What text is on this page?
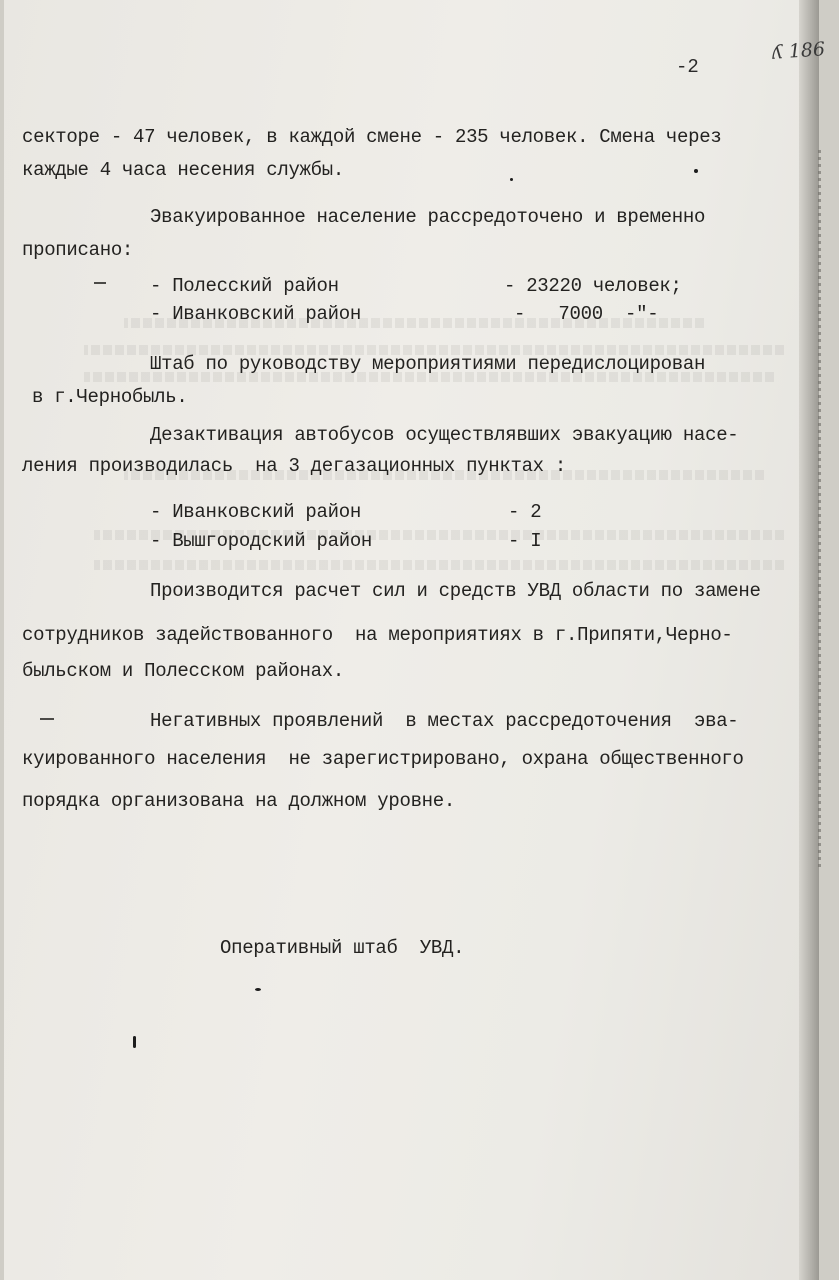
-2
ʎ 186
секторе - 47 человек, в каждой смене - 235 человек. Смена через
каждые 4 часа несения службы.
Эвакуированное население рассредоточено и временно
прописано:
- Полесский район	- 23220 человек;
- Иванковский район	-   7000  -"-
Штаб по руководству мероприятиями передислоцирован
в г.Чернобыль.
Дезактивация автобусов осуществлявших эвакуацию насе-
ления производилась  на 3 дегазационных пунктах :
- Иванковский район	- 2
- Вышгородский район	- I
Производится расчет сил и средств УВД области по замене
сотрудников задействованного  на мероприятиях в г.Припяти,Черно-
быльском и Полесском районах.
Негативных проявлений  в местах рассредоточения  эва-
куированного населения  не зарегистрировано, охрана общественного
порядка организована на должном уровне.
Оперативный штаб  УВД.
